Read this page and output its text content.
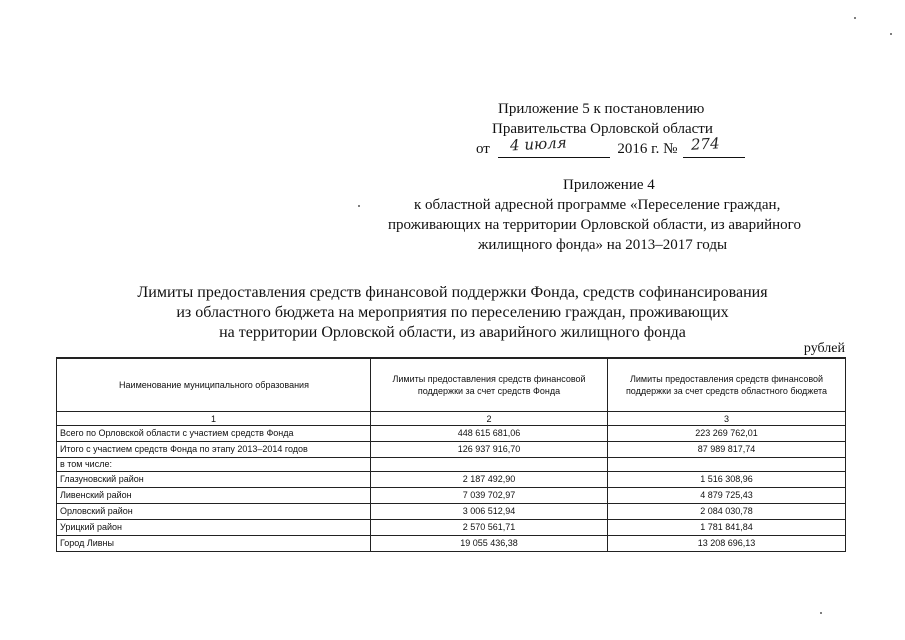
Приложение 5 к постановлению
Правительства Орловской области
от 4 июля	2016 г. № 274
Приложение 4
к областной адресной программе «Переселение граждан,
проживающих на территории Орловской области, из аварийного
жилищного фонда» на 2013–2017 годы
Лимиты предоставления средств финансовой поддержки Фонда, средств софинансирования
из областного бюджета на мероприятия по переселению граждан, проживающих
на территории Орловской области, из аварийного жилищного фонда
рублей
Наименование муниципального образования	Лимиты предоставления средств финансовой поддержки за счет средств Фонда	Лимиты предоставления средств финансовой поддержки за счет средств областного бюджета
1	2	3
Всего по Орловской области с участием средств Фонда	448 615 681,06	223 269 762,01
Итого с участием средств Фонда по этапу 2013–2014 годов	126 937 916,70	87 989 817,74
в том числе:		
Глазуновский район	2 187 492,90	1 516 308,96
Ливенский район	7 039 702,97	4 879 725,43
Орловский район	3 006 512,94	2 084 030,78
Урицкий район	2 570 561,71	1 781 841,84
Город Ливны	19 055 436,38	13 208 696,13
